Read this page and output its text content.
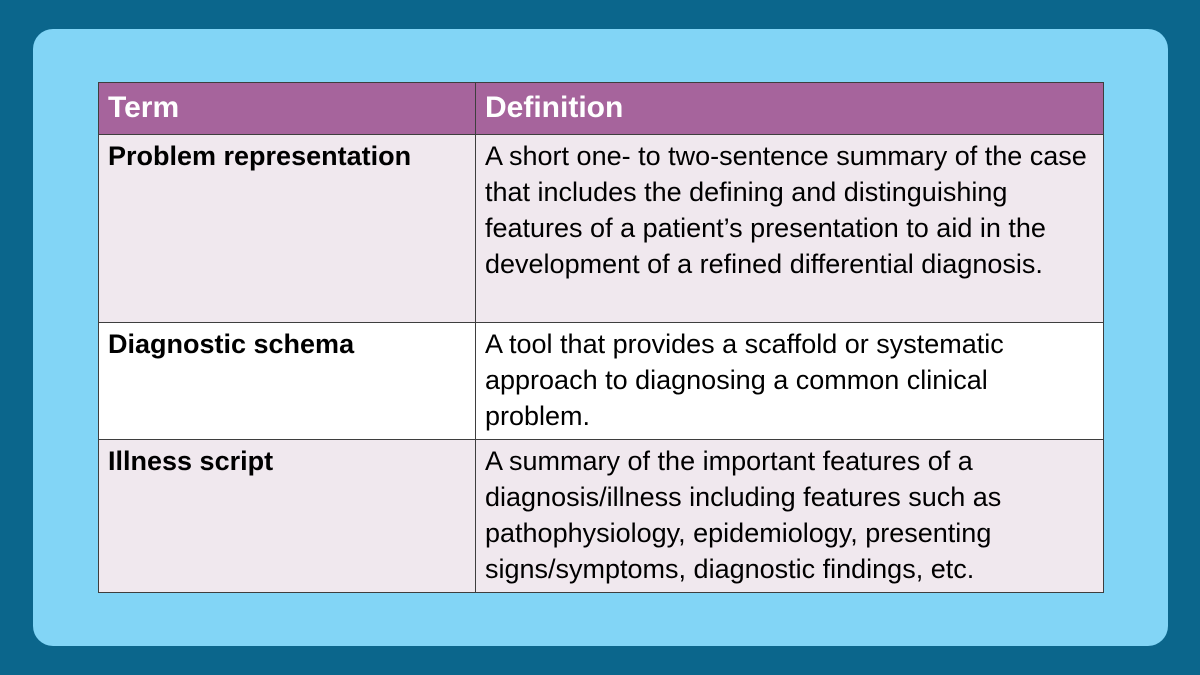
Term	Definition
Problem representation	A short one- to two-sentence summary of the case that includes the defining and distinguishing features of a patient’s presentation to aid in the development of a refined differential diagnosis.
Diagnostic schema	A tool that provides a scaffold or systematic approach to diagnosing a common clinical problem.
Illness script	A summary of the important features of a diagnosis/illness including features such as pathophysiology, epidemiology, presenting signs/symptoms, diagnostic findings, etc.
